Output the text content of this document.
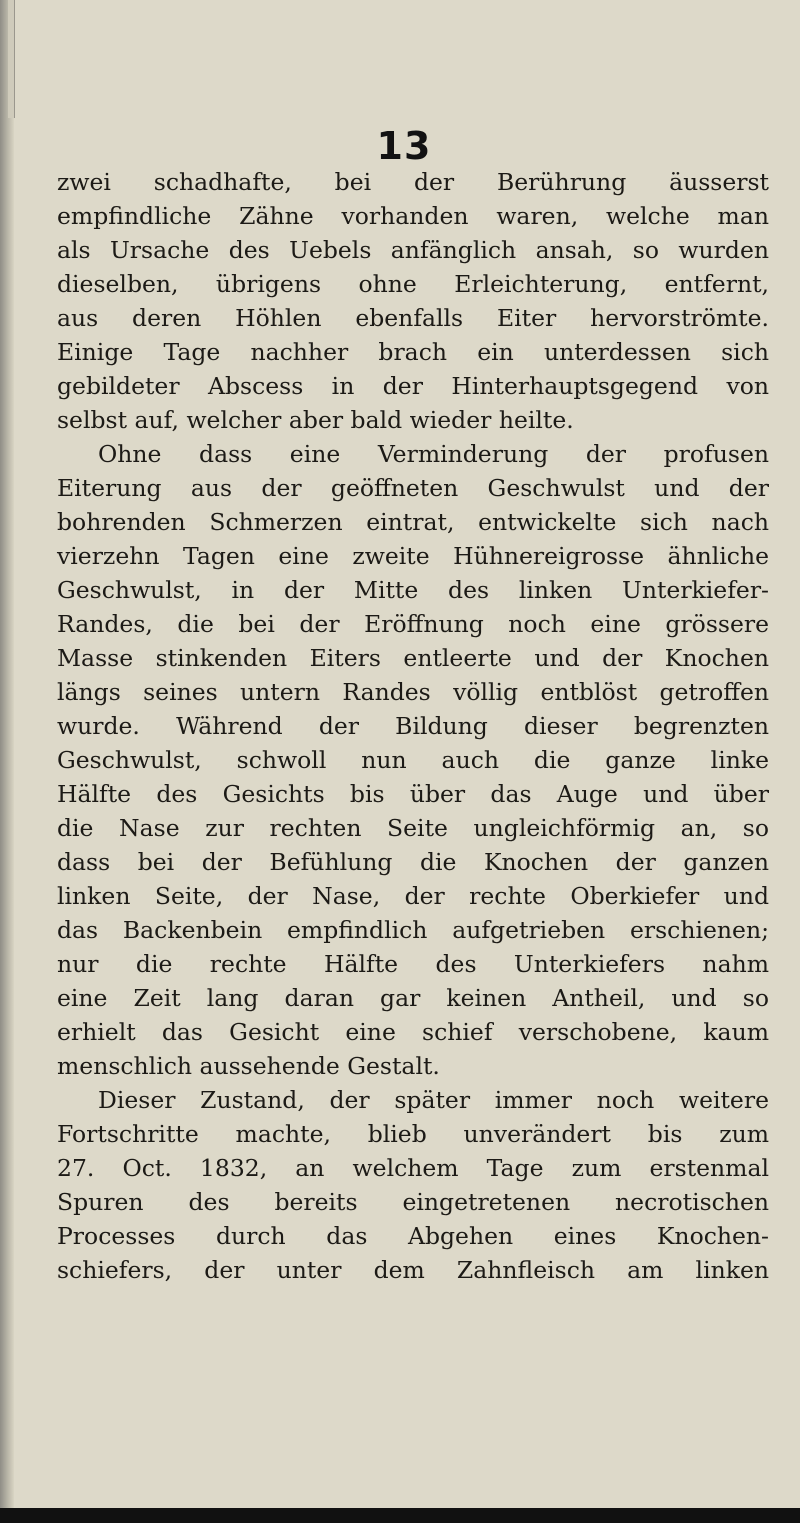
13
zwei schadhafte, bei der Berührung äusserst
empfindliche Zähne vorhanden waren, welche man
als Ursache des Uebels anfänglich ansah, so wurden
dieselben, übrigens ohne Erleichterung, entfernt,
aus deren Höhlen ebenfalls Eiter hervorströmte.
Einige Tage nachher brach ein unterdessen sich
gebildeter Abscess in der Hinterhauptsgegend von
selbst auf, welcher aber bald wieder heilte.
Ohne dass eine Verminderung der profusen
Eiterung aus der geöffneten Geschwulst und der
bohrenden Schmerzen eintrat, entwickelte sich nach
vierzehn Tagen eine zweite Hühnereigrosse ähnliche
Geschwulst, in der Mitte des linken Unterkiefer-
Randes, die bei der Eröffnung noch eine grössere
Masse stinkenden Eiters entleerte und der Knochen
längs seines untern Randes völlig entblöst getroffen
wurde. Während der Bildung dieser begrenzten
Geschwulst, schwoll nun auch die ganze linke
Hälfte des Gesichts bis über das Auge und über
die Nase zur rechten Seite ungleichförmig an, so
dass bei der Befühlung die Knochen der ganzen
linken Seite, der Nase, der rechte Oberkiefer und
das Backenbein empfindlich aufgetrieben erschienen;
nur die rechte Hälfte des Unterkiefers nahm
eine Zeit lang daran gar keinen Antheil, und so
erhielt das Gesicht eine schief verschobene, kaum
menschlich aussehende Gestalt.
Dieser Zustand, der später immer noch weitere
Fortschritte machte, blieb unverändert bis zum
27. Oct. 1832, an welchem Tage zum erstenmal
Spuren des bereits eingetretenen necrotischen
Processes durch das Abgehen eines Knochen-
schiefers, der unter dem Zahnfleisch am linken
